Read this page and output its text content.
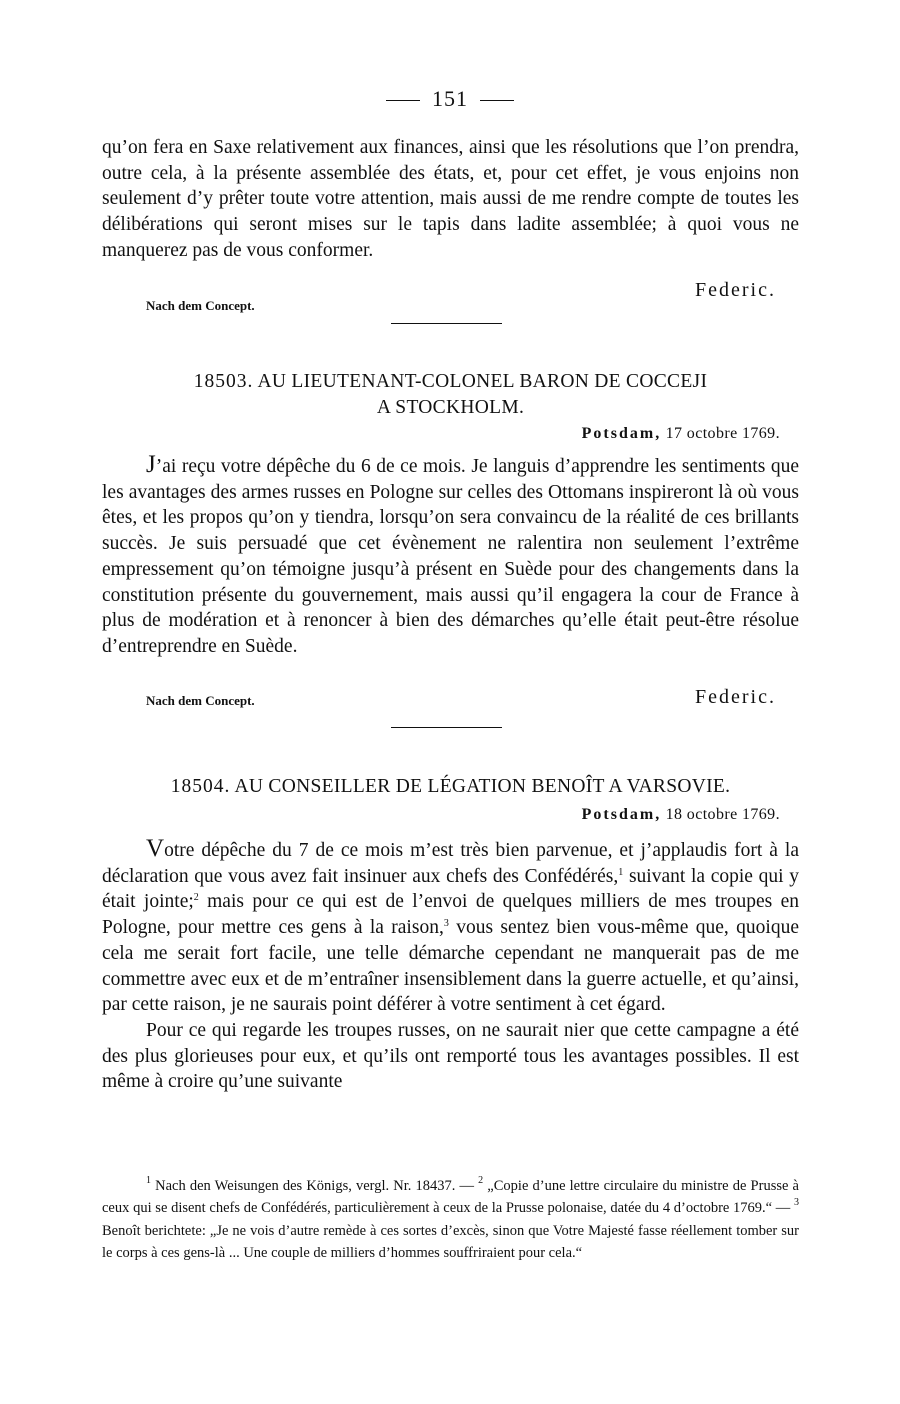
151

qu’on fera en Saxe relativement aux finances, ainsi que les résolutions que l’on prendra, outre cela, à la présente assemblée des états, et, pour cet effet, je vous enjoins non seulement d’y prêter toute votre attention, mais aussi de me rendre compte de toutes les délibérations qui seront mises sur le tapis dans ladite assemblée; à quoi vous ne manquerez pas de vous conformer.

Federic.
Nach dem Concept.
18503. AU LIEUTENANT-COLONEL BARON DE COCCEJI
A STOCKHOLM.
Potsdam, 17 octobre 1769.

J’ai reçu votre dépêche du 6 de ce mois. Je languis d’apprendre les sentiments que les avantages des armes russes en Pologne sur celles des Ottomans inspireront là où vous êtes, et les propos qu’on y tiendra, lorsqu’on sera convaincu de la réalité de ces brillants succès. Je suis persuadé que cet évènement ne ralentira non seulement l’extrême empressement qu’on témoigne jusqu’à présent en Suède pour des changements dans la constitution présente du gouvernement, mais aussi qu’il engagera la cour de France à plus de modération et à renoncer à bien des démarches qu’elle était peut-être résolue d’entreprendre en Suède.

Nach dem Concept.	Federic.
18504. AU CONSEILLER DE LÉGATION BENOÎT A VARSOVIE.
Potsdam, 18 octobre 1769.

Votre dépêche du 7 de ce mois m’est très bien parvenue, et j’applaudis fort à la déclaration que vous avez fait insinuer aux chefs des Confédérés,$^1$ suivant la copie qui y était jointe;$^2$ mais pour ce qui est de l’envoi de quelques milliers de mes troupes en Pologne, pour mettre ces gens à la raison,$^3$ vous sentez bien vous-même que, quoique cela me serait fort facile, une telle démarche cependant ne manquerait pas de me commettre avec eux et de m’entraîner insensiblement dans la guerre actuelle, et qu’ainsi, par cette raison, je ne saurais point déférer à votre sentiment à cet égard.

Pour ce qui regarde les troupes russes, on ne saurait nier que cette campagne a été des plus glorieuses pour eux, et qu’ils ont remporté tous les avantages possibles. Il est même à croire qu’une suivante

$^1$ Nach den Weisungen des Königs, vergl. Nr. 18437. — $^2$ „Copie d’une lettre circulaire du ministre de Prusse à ceux qui se disent chefs de Confédérés, particulièrement à ceux de la Prusse polonaise, datée du 4 d’octobre 1769.“ — $^3$ Benoît berichtete: „Je ne vois d’autre remède à ces sortes d’excès, sinon que Votre Majesté fasse réellement tomber sur le corps à ces gens-là ... Une couple de milliers d’hommes souffriraient pour cela.“
